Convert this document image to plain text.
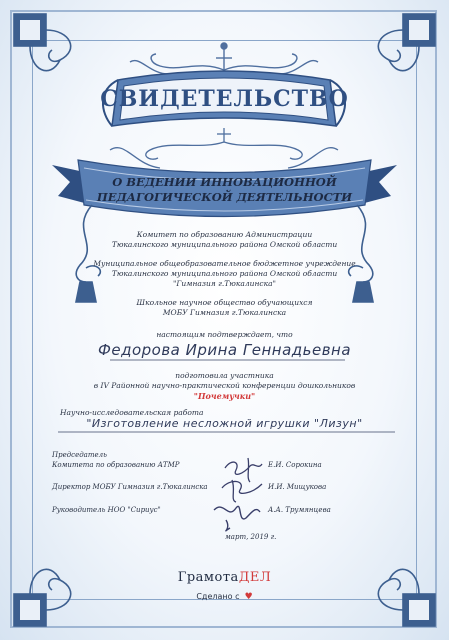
СВИДЕТЕЛЬСТВО
О ВЕДЕНИИ ИННОВАЦИОННОЙ
ПЕДАГОГИЧЕСКОЙ ДЕЯТЕЛЬНОСТИ
Комитет по образованию Администрации
Тюкалинского муниципального района Омской области
Муниципальное общеобразовательное бюджетное учреждение
Тюкалинского муниципального района Омской области
"Гимназия г.Тюкалинска"
Школьное научное общество обучающихся
МОБУ Гимназия г.Тюкалинска
настоящим подтверждает, что
Федорова Ирина Геннадьевна
подготовила участника
в IV Районной научно-практической конференции дошкольников
"Почемучки"
Научно-исследовательская работа
"Изготовление несложной игрушки "Лизун"
Председатель
Комитета по образованию АТМР	Е.И. Сорокина
Директор МОБУ Гимназия г.Тюкалинска	И.И. Мищукова
Руководитель НОО "Сириус"	А.А. Трумянцева
март, 2019 г.
ГрамотаДЕЛ
Сделано с ♥
